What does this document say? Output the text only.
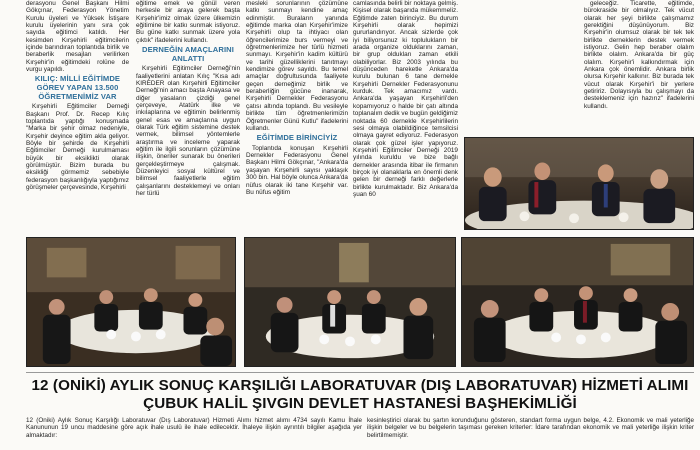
derasyonu Genel Başkanı Hilmi Gökçınar, Federasyon Yönetim Kurulu üyeleri ve Yüksek İstişare kurulu üyelerinin yanı sıra çok sayıda eğitimci katıldı. Her kesimden Kırşehirli eğitimcilerin içinde barındıran toplantıda birlik ve beraberlik mesajları verilirken Kırşehir'in eğitimdeki rolüne de vurgu yapıldı.

KILIÇ: MİLLİ EĞİTİMDE GÖREV YAPAN 13.500 ÖĞRETMENİMİZ VAR

Kırşehirli Eğitimciler Derneği Başkanı Prof. Dr. Recep Kılıç toplantıda yaptığı konuşmada "Marka bir şehir olmaz nedeniyle, Kırşehir deyince eğitim akla geliyor. Böyle bir şehirde de Kırşehirli Eğitimciler Derneği kurulmaması büyük bir eksiklikti olarak görülmüştür. Bizim burada bu eksikliği görmemiz sebebiyle federasyon başkanlığıyla yaptığımız görüşmeler çerçevesinde, Kırşehirli

eğitime emek ve gönül veren herkesle bir araya gelerek başta Kırşehir'imiz olmak üzere ülkemizin eğitimine bir katkı sunmak istiyoruz. Bu güne katkı sunmak üzere yola çıktık" ifadelerini kullandı.

DERNEĞİN AMAÇLARINI ANLATTI

Kırşehirli Eğitimciler Derneği'nin faaliyetlerini anlatan Kılıç "Kısa adı KIREDER olan Kırşehirli Eğitimciler Derneği'nin amacı başta Anayasa ve diğer yasaların çizdiği genel çerçeveye, Atatürk ilke ve inkılaplarına ve eğitimin belirlenmiş genel esas ve amaçlarına uygun olarak Türk eğitim sistemine destek vermek, bilimsel yöntemlerle araştırma ve inceleme yaparak eğitim ile ilgili sorunların çözümüne ilişkin, öneriler sunarak bu önerileri gerçekleştirmeye çalışmak. Düzenleyici sosyal kültürel ve bilimsel faaliyetlerle eğitim çalışanlarını desteklemeyi ve onları her türlü

mesleki sorunlarının çözümüne katkı sunmayı kendine amaç edinmiştir. Buraların yanında eğitimde marka olan Kırşehir'imize Kırşehirli olup ta ihtiyacı olan öğrencilerimize burs vermeyi ve öğretmenlerimize her türlü hizmeti sunmayı. Kırşehir'in kadim kültürü ve tarihi güzelliklerini tanıtmayı kendimize görev sayıldı. Bu temel amaçlar doğrultusunda faaliyete geçen derneğimiz birlik ve beraberliğin gücüne inanarak, Kırşehirli Dernekler Federasyonu çatısı altında toplandı. Bu vesileyle birlikte tüm öğretmenlerimizin Öğretmenler Günü Kutlu" ifadelerini kullandı.

EĞİTİMDE BİRİNCİYİZ

Toplantıda konuşan Kırşehirli Dernekler Federasyonu Genel Başkanı Hilmi Gökçınar, "Ankara'da yaşayan Kırşehirli sayısı yaklaşık 300 bin. Hal böyle olunca Ankara'da nüfus olarak iki tane Kırşehir var. Bu nüfus eğitim

camlasında belirli bir noktaya gelmiş. Kişisel olarak başarıda mükemmeliz. Eğitimde zaten birinciyiz. Bu durum Kırşehirli olarak hepimizi gururlandırıyor. Ancak sizlerde çok iyi biliyorsunuz ki toplulukların bir arada organize olduklarını zaman, bir grup oldukları zaman etkili olabiliyorlar. Biz 2003 yılında bu düşünceden hareketle Ankara'da kurulu bulunan 6 tane dernekle Kırşehirli Dernekler Federasyonunu kurduk. Tek amacımız vardı. Ankara'da yaşayan Kırşehirli'den kopamıyoruz o halde bir çatı altında toplanalım dedik ve bugün geldiğimiz noktada 60 dernekle Kırşehirlilerin sesi olmaya olabildiğince temsilcisi olmaya gayret ediyoruz. Federasyon olarak çok güzel işler yapıyoruz. Kırşehirli Eğitimciler Derneği 2019 yılında kuruldu ve bize bağlı dernekler arasında itibar ile firmanın birçok iyi olanaklarla en önemli denk gelen bir derneği farklı değerlerle birlikte kurulmaktadır. Biz Ankara'da şuan 60

geleceğiz. Ticarette, eğitimde, bürokraside bir olmalıyız. Tek vücut olarak her şeyi birlikte çalışmamız gerektiğini düşünüyorum. Biz Kırşehir'in olumsuz olarak bir tek tek birlikte derneklerin destek vermek istiyoruz. Gelin hep beraber olalım birlikte olalım. Ankara'da bir güç olalım. Kırşehir'i kalkındırmak için Ankara çok önemlidir. Ankara birlik olursa Kırşehir kalkınır. Biz burada tek vücut olarak Kırşehir'i bir yerlere getiririz. Dolayısıyla bu çalışmayı da desteklemeniz için hazırız" ifadelerini kullandı.

12 (ONİKİ) AYLIK SONUÇ KARŞILIĞI LABORATUVAR (DIŞ LABORATUVAR) HİZMETİ ALIMI ÇUBUK HALİL ŞIVGIN DEVLET HASTANESİ BAŞHEKİMLİĞİ
12 (Oniki) Aylık Sonuç Karşılığı Laboratuvar (Dış Laboratuvar) Hizmeti Alımı hizmet alımı 4734 sayılı Kamu İhale Kanununun 19 uncu maddesine göre açık ihale usulü ile ihale edilecektir. İhaleye ilişkin ayrıntılı bilgiler aşağıda yer almaktadır:
kesinleştirici olarak bu şartın korunduğunu gösteren, standart forma uygun belge, 4.2. Ekonomik ve mali yeterliğe ilişkin belgeler ve bu belgelerin taşıması gereken kriterler: İdare tarafından ekonomik ve mali yeterliğe ilişkin kriter belirtilmemiştir.
